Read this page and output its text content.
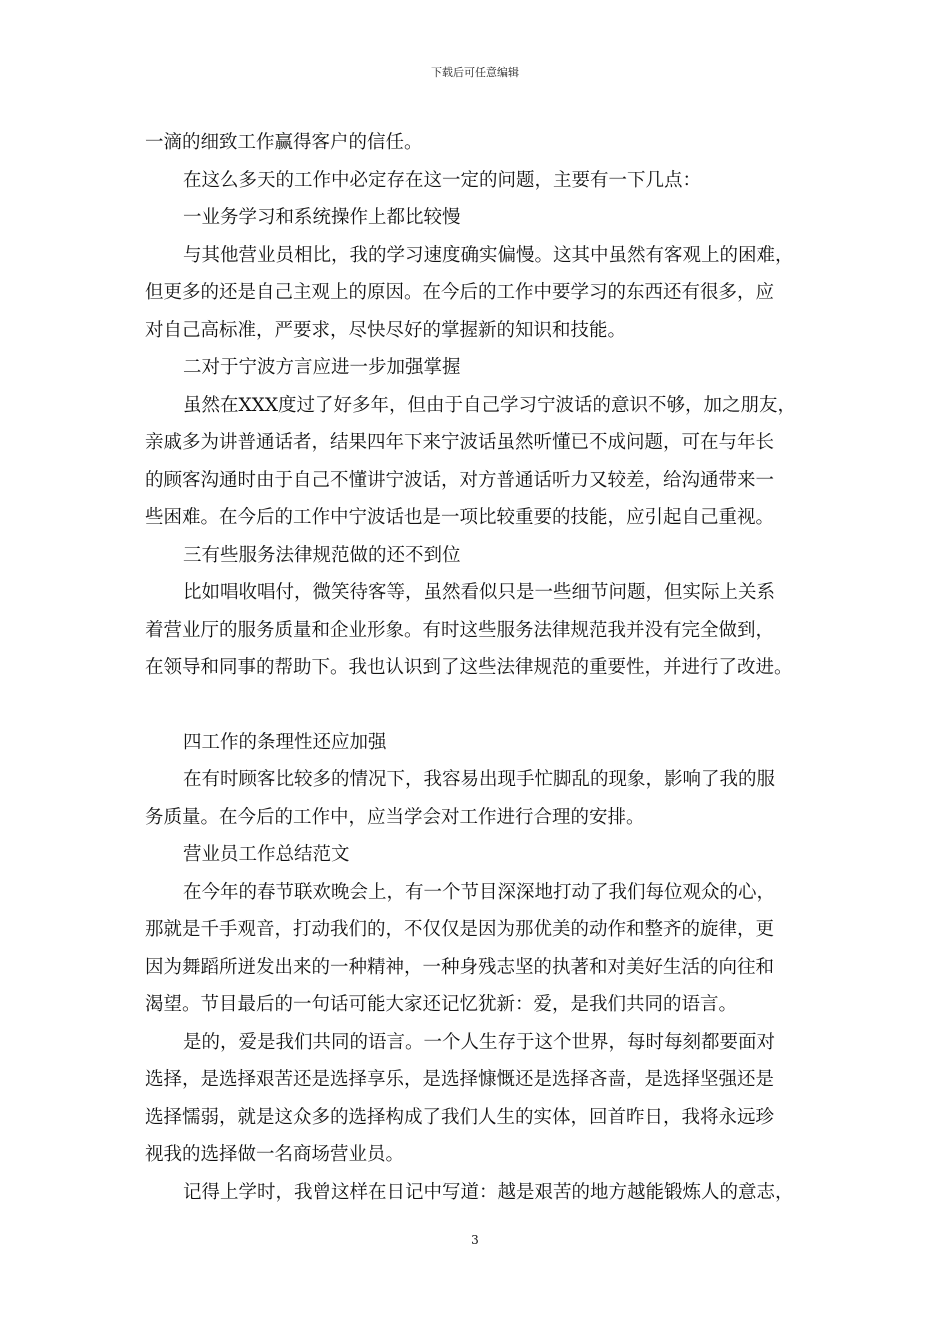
下载后可任意编辑
一滴的细致工作赢得客户的信任。
在这么多天的工作中必定存在这一定的问题，主要有一下几点：
一业务学习和系统操作上都比较慢
与其他营业员相比，我的学习速度确实偏慢。这其中虽然有客观上的困难，
但更多的还是自己主观上的原因。在今后的工作中要学习的东西还有很多，应
对自己高标准，严要求，尽快尽好的掌握新的知识和技能。
二对于宁波方言应进一步加强掌握
虽然在XXX度过了好多年，但由于自己学习宁波话的意识不够，加之朋友，
亲戚多为讲普通话者，结果四年下来宁波话虽然听懂已不成问题，可在与年长
的顾客沟通时由于自己不懂讲宁波话，对方普通话听力又较差，给沟通带来一
些困难。在今后的工作中宁波话也是一项比较重要的技能，应引起自己重视。
三有些服务法律规范做的还不到位
比如唱收唱付，微笑待客等，虽然看似只是一些细节问题，但实际上关系
着营业厅的服务质量和企业形象。有时这些服务法律规范我并没有完全做到，
在领导和同事的帮助下。我也认识到了这些法律规范的重要性，并进行了改进。
四工作的条理性还应加强
在有时顾客比较多的情况下，我容易出现手忙脚乱的现象，影响了我的服
务质量。在今后的工作中，应当学会对工作进行合理的安排。
营业员工作总结范文
在今年的春节联欢晚会上，有一个节目深深地打动了我们每位观众的心，
那就是千手观音，打动我们的，不仅仅是因为那优美的动作和整齐的旋律，更
因为舞蹈所迸发出来的一种精神，一种身残志坚的执著和对美好生活的向往和
渴望。节目最后的一句话可能大家还记忆犹新：爱，是我们共同的语言。
是的，爱是我们共同的语言。一个人生存于这个世界，每时每刻都要面对
选择，是选择艰苦还是选择享乐，是选择慷慨还是选择吝啬，是选择坚强还是
选择懦弱，就是这众多的选择构成了我们人生的实体，回首昨日，我将永远珍
视我的选择做一名商场营业员。
记得上学时，我曾这样在日记中写道：越是艰苦的地方越能锻炼人的意志，
3
